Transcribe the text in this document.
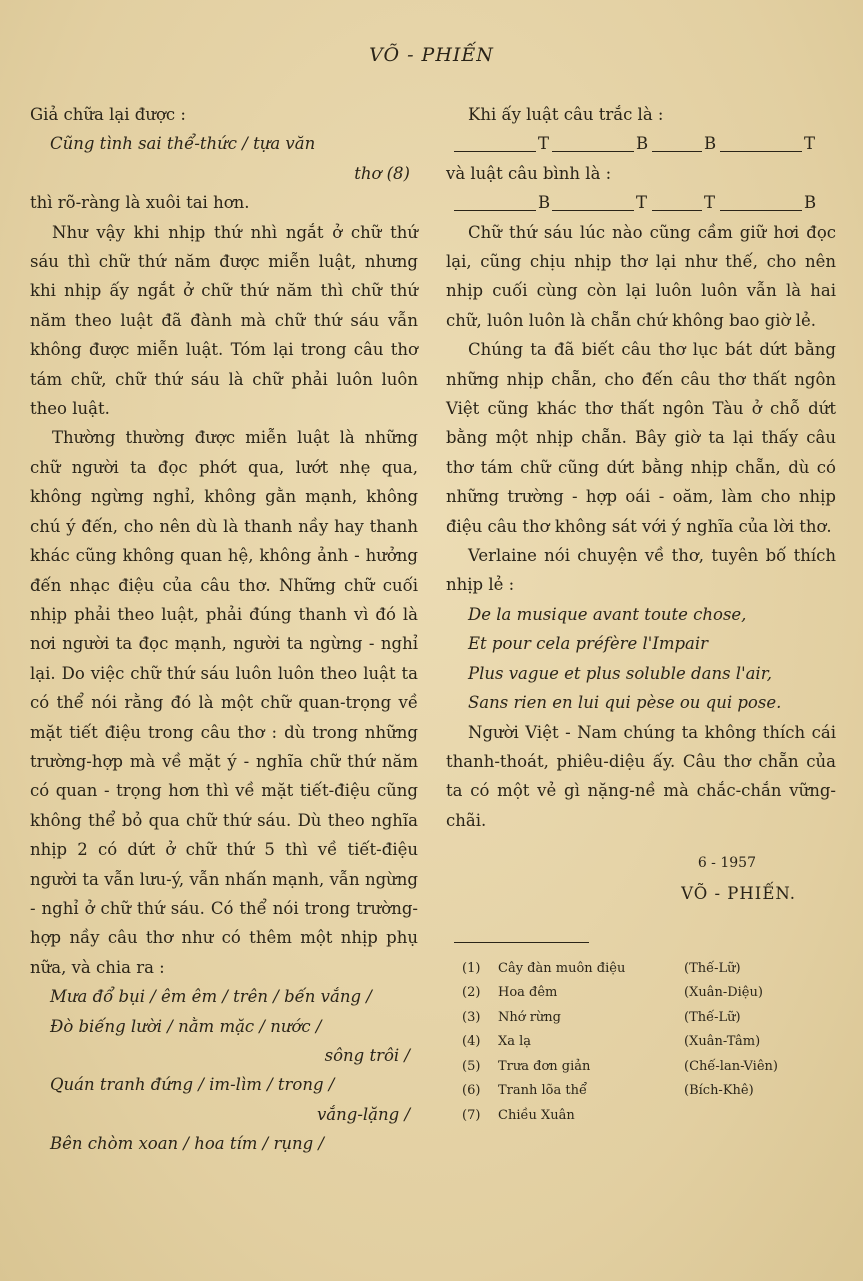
VÕ - PHIẾN

Giả chữa lại được :

Cũng tình sai thể-thức / tựa văn
thơ (8)

thì rõ-ràng là xuôi tai hơn.

Như vậy khi nhịp thứ nhì ngắt ở chữ thứ sáu thì chữ thứ năm được miễn luật, nhưng khi nhịp ấy ngắt ở chữ thứ năm thì chữ thứ năm theo luật đã đành mà chữ thứ sáu vẫn không được miễn luật. Tóm lại trong câu thơ tám chữ, chữ thứ sáu là chữ phải luôn luôn theo luật.

Thường thường được miễn luật là những chữ người ta đọc phớt qua, lướt nhẹ qua, không ngừng nghỉ, không gằn mạnh, không chú ý đến, cho nên dù là thanh nầy hay thanh khác cũng không quan hệ, không ảnh - hưởng đến nhạc điệu của câu thơ. Những chữ cuối nhịp phải theo luật, phải đúng thanh vì đó là nơi người ta đọc mạnh, người ta ngừng - nghỉ lại. Do việc chữ thứ sáu luôn luôn theo luật ta có thể nói rằng đó là một chữ quan-trọng về mặt tiết điệu trong câu thơ : dù trong những trường-hợp mà về mặt ý - nghĩa chữ thứ năm có quan - trọng hơn thì về mặt tiết-điệu cũng không thể bỏ qua chữ thứ sáu. Dù theo nghĩa nhịp 2 có dứt ở chữ thứ 5 thì về tiết-điệu người ta vẫn lưu-ý, vẫn nhấn mạnh, vẫn ngừng - nghỉ ở chữ thứ sáu. Có thể nói trong trường-hợp nầy câu thơ như có thêm một nhịp phụ nữa, và chia ra :

Mưa đổ bụi / êm êm / trên / bến vắng /
Đò biếng lười / nằm mặc / nước /
sông trôi /
Quán tranh đứng / im-lìm / trong /
vắng-lặng /
Bên chòm xoan / hoa tím / rụng /

Khi ấy luật câu trắc là :

T	B	B	T

và luật câu bình là :

B	T	T	B

Chữ thứ sáu lúc nào cũng cầm giữ hơi đọc lại, cũng chịu nhịp thơ lại như thế, cho nên nhịp cuối cùng còn lại luôn luôn vẫn là hai chữ, luôn luôn là chẵn chứ không bao giờ lẻ.

Chúng ta đã biết câu thơ lục bát dứt bằng những nhịp chẵn, cho đến câu thơ thất ngôn Việt cũng khác thơ thất ngôn Tàu ở chỗ dứt bằng một nhịp chẵn. Bây giờ ta lại thấy câu thơ tám chữ cũng dứt bằng nhịp chẵn, dù có những trường - hợp oái - oăm, làm cho nhịp điệu câu thơ không sát với ý nghĩa của lời thơ.

Verlaine nói chuyện về thơ, tuyên bố thích nhịp lẻ :

De la musique avant toute chose,
Et pour cela préfère l'Impair
Plus vague et plus soluble dans l'air,
Sans rien en lui qui pèse ou qui pose.

Người Việt - Nam chúng ta không thích cái thanh-thoát, phiêu-diệu ấy. Câu thơ chẵn của ta có một vẻ gì nặng-nề mà chắc-chắn vững-chãi.

6 - 1957
VÕ - PHIẾN.
(1)	Cây đàn muôn điệu	(Thế-Lữ)
(2)	Hoa đêm	(Xuân-Diệu)
(3)	Nhớ rừng	(Thế-Lữ)
(4)	Xa lạ	(Xuân-Tâm)
(5)	Trưa đơn giản	(Chế-lan-Viên)
(6)	Tranh lõa thể	(Bích-Khê)
(7)	Chiều Xuân	
